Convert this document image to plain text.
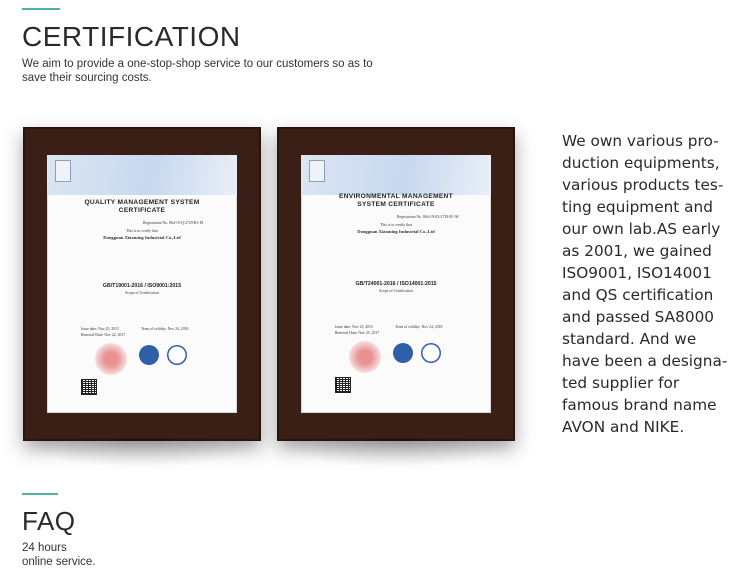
CERTIFICATION

We aim to provide a one-stop-shop service to our customers so as to

save their sourcing costs.

QUALITY MANAGEMENT SYSTEM
CERTIFICATE
Registration No. 864-19-Q-2729-R1-M
This is to certify that
Dongguan Xiaoming Industrial Co.,Ltd
GB/T19001-2016 / ISO9001:2015
Scope of Certification
Issue date: Nov 25, 2015	Term of validity: Nov 24, 2018
Renewal Date: Nov 22, 2017
ENVIRONMENTAL MANAGEMENT
SYSTEM CERTIFICATE
Registration No. 864-19-E2-2729-R1-M
This is to certify that
Dongguan Xiaoming Industrial Co.,Ltd
GB/T24001-2016 / ISO14001:2015
Scope of Certification
Issue date: Nov 25, 2015	Term of validity: Nov 24, 2018
Renewal Date: Nov 25, 2017

We own various pro-
duction equipments,
various products tes-
ting equipment and
our own lab.AS early
as 2001, we gained
ISO9001, ISO14001
and QS certification
and passed SA8000
standard. And we
have been a designa-
ted supplier for
famous brand name
AVON and NIKE.

FAQ

24 hours

online service.
